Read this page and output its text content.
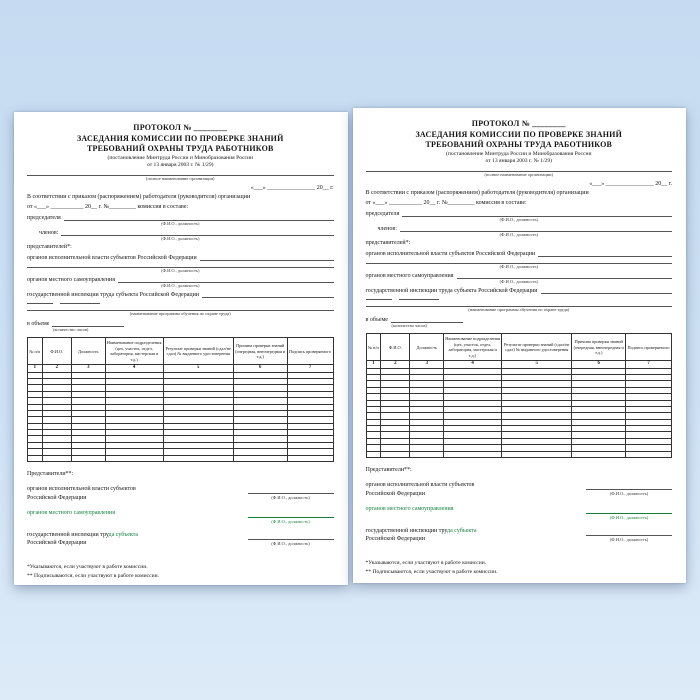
ПРОТОКОЛ № ________
ЗАСЕДАНИЯ КОМИССИИ ПО ПРОВЕРКЕ ЗНАНИЙ
ТРЕБОВАНИЙ ОХРАНЫ ТРУДА РАБОТНИКОВ
(постановление Минтруда России и Минобразования России
от 13 января 2003 г. № 1/29)
(полное наименование организации)
«___» ________________ 20__ г.
В соответствии с приказом (распоряжением) работодателя (руководителя) организации
от «___» ___________ 20__ г. №_________ комиссия в составе:
председателя
(Ф.И.О., должность)
членов:
(Ф.И.О., должность)
представителей*:
органов исполнительной власти субъектов Российской Федерации
(Ф.И.О., должность)
органов местного самоуправления
(Ф.И.О., должность)
государственной инспекции труда субъекта Российской Федерации
(наименование программы обучения по охране труда)
в объеме
(количество часов)
№ п/п	Ф.И.О.	Должность	Наименование подразделения (цех, участок, отдел, лаборатория, мастерская и т.д.)	Результат проверки знаний (сдал/не сдал) № выданного удостоверения	Причина проверки знаний (очередная, внеочередная и т.д.)	Подпись проверяемого
1	2	3	4	5	6	7

Представители**:
органов исполнительной власти субъектов
Российской Федерации	(Ф.И.О., должность)
органов местного самоуправления
(Ф.И.О., должность)
государственной инспекции труда субъекта
Российской Федерации	(Ф.И.О., должность)
*Указываются, если участвуют в работе комиссии.
** Подписываются, если участвуют в работе комиссии.
ПРОТОКОЛ № ________
ЗАСЕДАНИЯ КОМИССИИ ПО ПРОВЕРКЕ ЗНАНИЙ
ТРЕБОВАНИЙ ОХРАНЫ ТРУДА РАБОТНИКОВ
(постановление Минтруда России и Минобразования России
от 13 января 2003 г. № 1/29)
(полное наименование организации)
«___» ________________ 20__ г.
В соответствии с приказом (распоряжением) работодателя (руководителя) организации
от «___» ___________ 20__ г. №_________ комиссия в составе:
председателя
(Ф.И.О., должность)
членов:
(Ф.И.О., должность)
представителей*:
органов исполнительной власти субъектов Российской Федерации
(Ф.И.О., должность)
органов местного самоуправления
(Ф.И.О., должность)
государственной инспекции труда субъекта Российской Федерации
(наименование программы обучения по охране труда)
в объеме
(количество часов)
№ п/п	Ф.И.О.	Должность	Наименование подразделения (цех, участок, отдел, лаборатория, мастерская и т.д.)	Результат проверки знаний (сдал/не сдал) № выданного удостоверения	Причина проверки знаний (очередная, внеочередная и т.д.)	Подпись проверяемого
1	2	3	4	5	6	7

Представители**:
органов исполнительной власти субъектов
Российской Федерации	(Ф.И.О., должность)
органов местного самоуправления
(Ф.И.О., должность)
государственной инспекции труда субъекта
Российской Федерации	(Ф.И.О., должность)
*Указываются, если участвуют в работе комиссии.
** Подписываются, если участвуют в работе комиссии.
